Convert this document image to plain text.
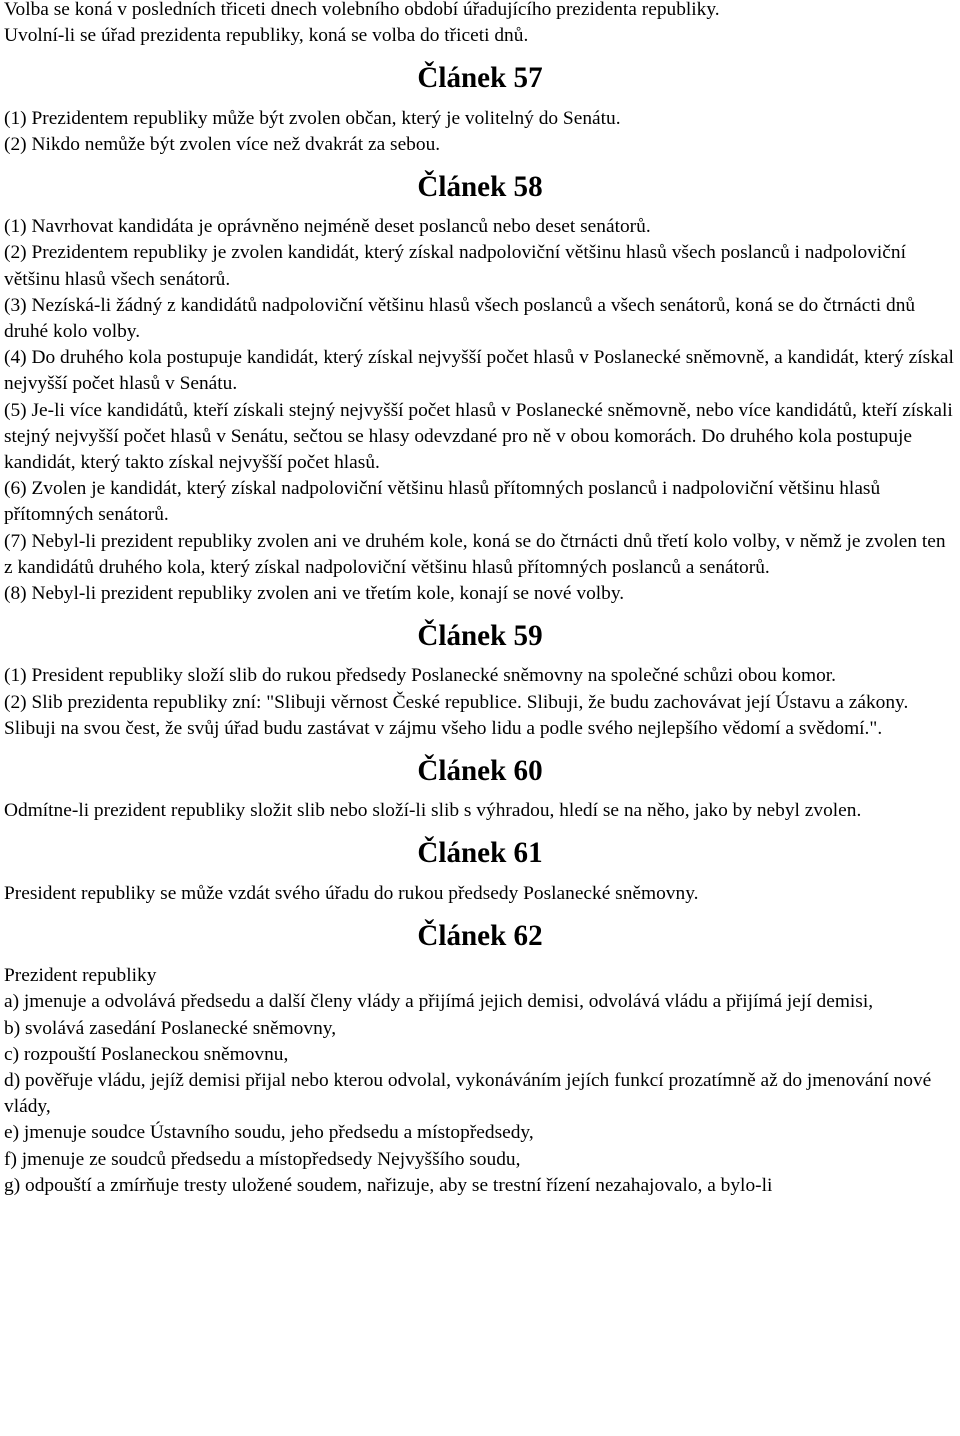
Volba se koná v posledních třiceti dnech volebního období úřadujícího prezidenta republiky.

Uvolní-li se úřad prezidenta republiky, koná se volba do třiceti dnů.

Článek 57

(1) Prezidentem republiky může být zvolen občan, který je volitelný do Senátu.

(2) Nikdo nemůže být zvolen více než dvakrát za sebou.

Článek 58

(1) Navrhovat kandidáta je oprávněno nejméně deset poslanců nebo deset senátorů.

(2) Prezidentem republiky je zvolen kandidát, který získal nadpoloviční většinu hlasů všech poslanců i nadpoloviční většinu hlasů všech senátorů.

(3) Nezíská-li žádný z kandidátů nadpoloviční většinu hlasů všech poslanců a všech senátorů, koná se do čtrnácti dnů druhé kolo volby.

(4) Do druhého kola postupuje kandidát, který získal nejvyšší počet hlasů v Poslanecké sněmovně, a kandidát, který získal nejvyšší počet hlasů v Senátu.

(5) Je-li více kandidátů, kteří získali stejný nejvyšší počet hlasů v Poslanecké sněmovně, nebo více kandidátů, kteří získali stejný nejvyšší počet hlasů v Senátu, sečtou se hlasy odevzdané pro ně v obou komorách. Do druhého kola postupuje kandidát, který takto získal nejvyšší počet hlasů.

(6) Zvolen je kandidát, který získal nadpoloviční většinu hlasů přítomných poslanců i nadpoloviční většinu hlasů přítomných senátorů.

(7) Nebyl-li prezident republiky zvolen ani ve druhém kole, koná se do čtrnácti dnů třetí kolo volby, v němž je zvolen ten z kandidátů druhého kola, který získal nadpoloviční většinu hlasů přítomných poslanců a senátorů.

(8) Nebyl-li prezident republiky zvolen ani ve třetím kole, konají se nové volby.

Článek 59

(1) President republiky složí slib do rukou předsedy Poslanecké sněmovny na společné schůzi obou komor.

(2) Slib prezidenta republiky zní: "Slibuji věrnost České republice. Slibuji, že budu zachovávat její Ústavu a zákony. Slibuji na svou čest, že svůj úřad budu zastávat v zájmu všeho lidu a podle svého nejlepšího vědomí a svědomí.".

Článek 60

Odmítne-li prezident republiky složit slib nebo složí-li slib s výhradou, hledí se na něho, jako by nebyl zvolen.

Článek 61

President republiky se může vzdát svého úřadu do rukou předsedy Poslanecké sněmovny.

Článek 62

Prezident republiky

a) jmenuje a odvolává předsedu a další členy vlády a přijímá jejich demisi, odvolává vládu a přijímá její demisi,

b) svolává zasedání Poslanecké sněmovny,

c) rozpouští Poslaneckou sněmovnu,

d) pověřuje vládu, jejíž demisi přijal nebo kterou odvolal, vykonáváním jejích funkcí prozatímně až do jmenování nové vlády,

e) jmenuje soudce Ústavního soudu, jeho předsedu a místopředsedy,

f) jmenuje ze soudců předsedu a místopředsedy Nejvyššího soudu,

g) odpouští a zmírňuje tresty uložené soudem, nařizuje, aby se trestní řízení nezahajovalo, a bylo-li
